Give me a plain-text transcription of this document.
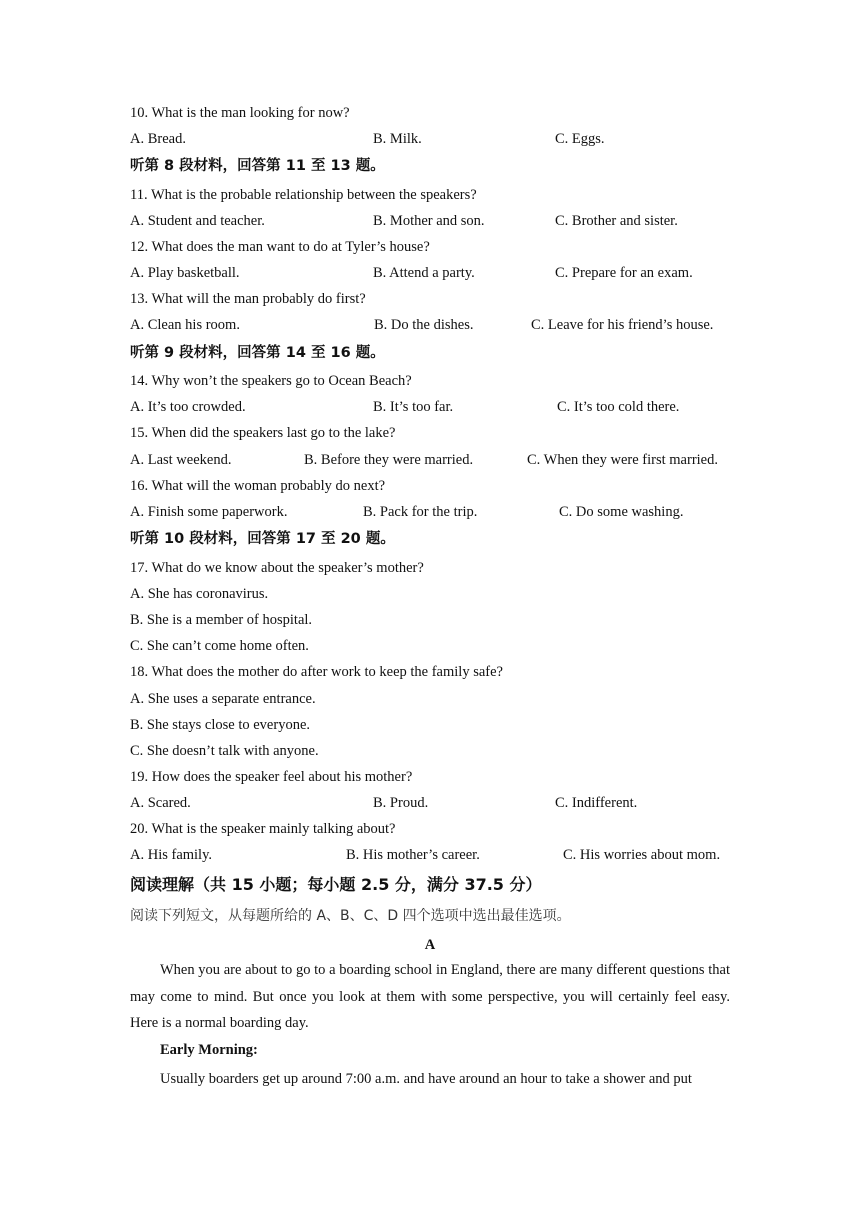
10. What is the man looking for now?
A. Bread.	B. Milk.	C. Eggs.
听第 8 段材料，回答第 11 至 13 题。
11. What is the probable relationship between the speakers?
A. Student and teacher.	B. Mother and son.	C. Brother and sister.
12. What does the man want to do at Tyler’s house?
A. Play basketball.	B. Attend a party.	C. Prepare for an exam.
13. What will the man probably do first?
A. Clean his room.	B. Do the dishes.	C. Leave for his friend’s house.
听第 9 段材料，回答第 14 至 16 题。
14. Why won’t the speakers go to Ocean Beach?
A. It’s too crowded.	B. It’s too far.	C. It’s too cold there.
15. When did the speakers last go to the lake?
A. Last weekend.	B. Before they were married.	C. When they were first married.
16. What will the woman probably do next?
A. Finish some paperwork.	B. Pack for the trip.	C. Do some washing.
听第 10 段材料，回答第 17 至 20 题。
17. What do we know about the speaker’s mother?
A. She has coronavirus.
B. She is a member of hospital.
C. She can’t come home often.
18. What does the mother do after work to keep the family safe?
A. She uses a separate entrance.
B. She stays close to everyone.
C. She doesn’t talk with anyone.
19. How does the speaker feel about his mother?
A. Scared.	B. Proud.	C. Indifferent.
20. What is the speaker mainly talking about?
A. His family.	B. His mother’s career.	C. His worries about mom.
阅读理解（共 15 小题；每小题 2.5 分，满分 37.5 分）
阅读下列短文，从每题所给的 A、B、C、D 四个选项中选出最佳选项。
A
When you are about to go to a boarding school in England, there are many different questions that may come to mind. But once you look at them with some perspective, you will certainly feel easy. Here is a normal boarding day.
Early Morning:
Usually boarders get up around 7:00 a.m. and have around an hour to take a shower and put
